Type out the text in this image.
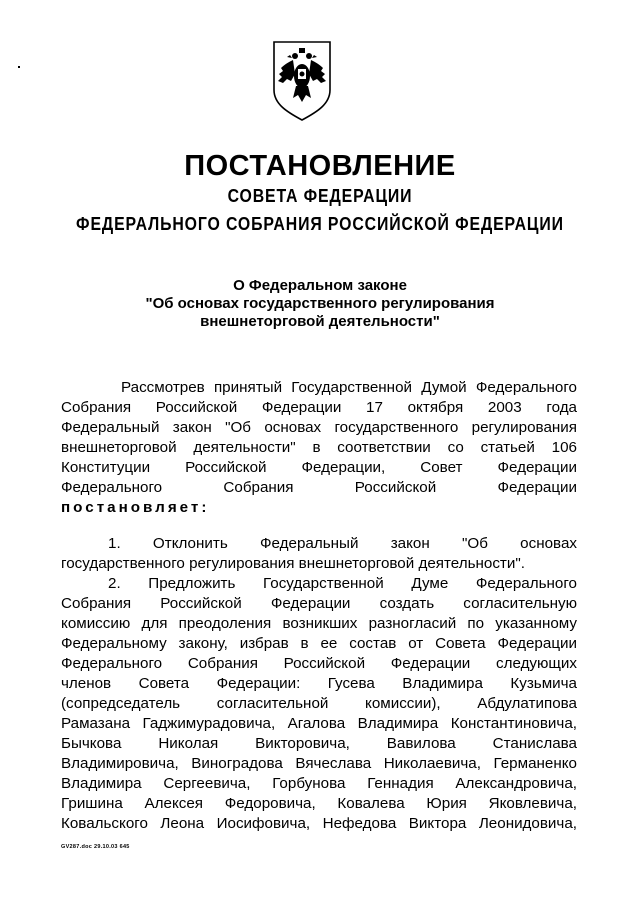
ПОСТАНОВЛЕНИЕ
СОВЕТА ФЕДЕРАЦИИ
ФЕДЕРАЛЬНОГО СОБРАНИЯ РОССИЙСКОЙ ФЕДЕРАЦИИ
О Федеральном законе
"Об основах государственного регулирования
внешнеторговой деятельности"
Рассмотрев принятый Государственной Думой Федерального
Собрания Российской Федерации 17 октября 2003 года
Федеральный закон "Об основах государственного регулирования
внешнеторговой деятельности" в соответствии со статьей 106
Конституции Российской Федерации, Совет Федерации
Федерального Собрания Российской Федерации
постановляет:
1. Отклонить Федеральный закон "Об основах
государственного регулирования внешнеторговой деятельности".
2. Предложить Государственной Думе Федерального
Собрания Российской Федерации создать согласительную
комиссию для преодоления возникших разногласий по указанному
Федеральному закону, избрав в ее состав от Совета Федерации
Федерального Собрания Российской Федерации следующих
членов Совета Федерации: Гусева Владимира Кузьмича
(сопредседатель согласительной комиссии), Абдулатипова
Рамазана Гаджимурадовича, Агалова Владимира Константиновича,
Бычкова Николая Викторовича, Вавилова Станислава
Владимировича, Виноградова Вячеслава Николаевича, Германенко
Владимира Сергеевича, Горбунова Геннадия Александровича,
Гришина Алексея Федоровича, Ковалева Юрия Яковлевича,
Ковальского Леона Иосифовича, Нефедова Виктора Леонидовича,
GV287.doc 29.10.03 645
